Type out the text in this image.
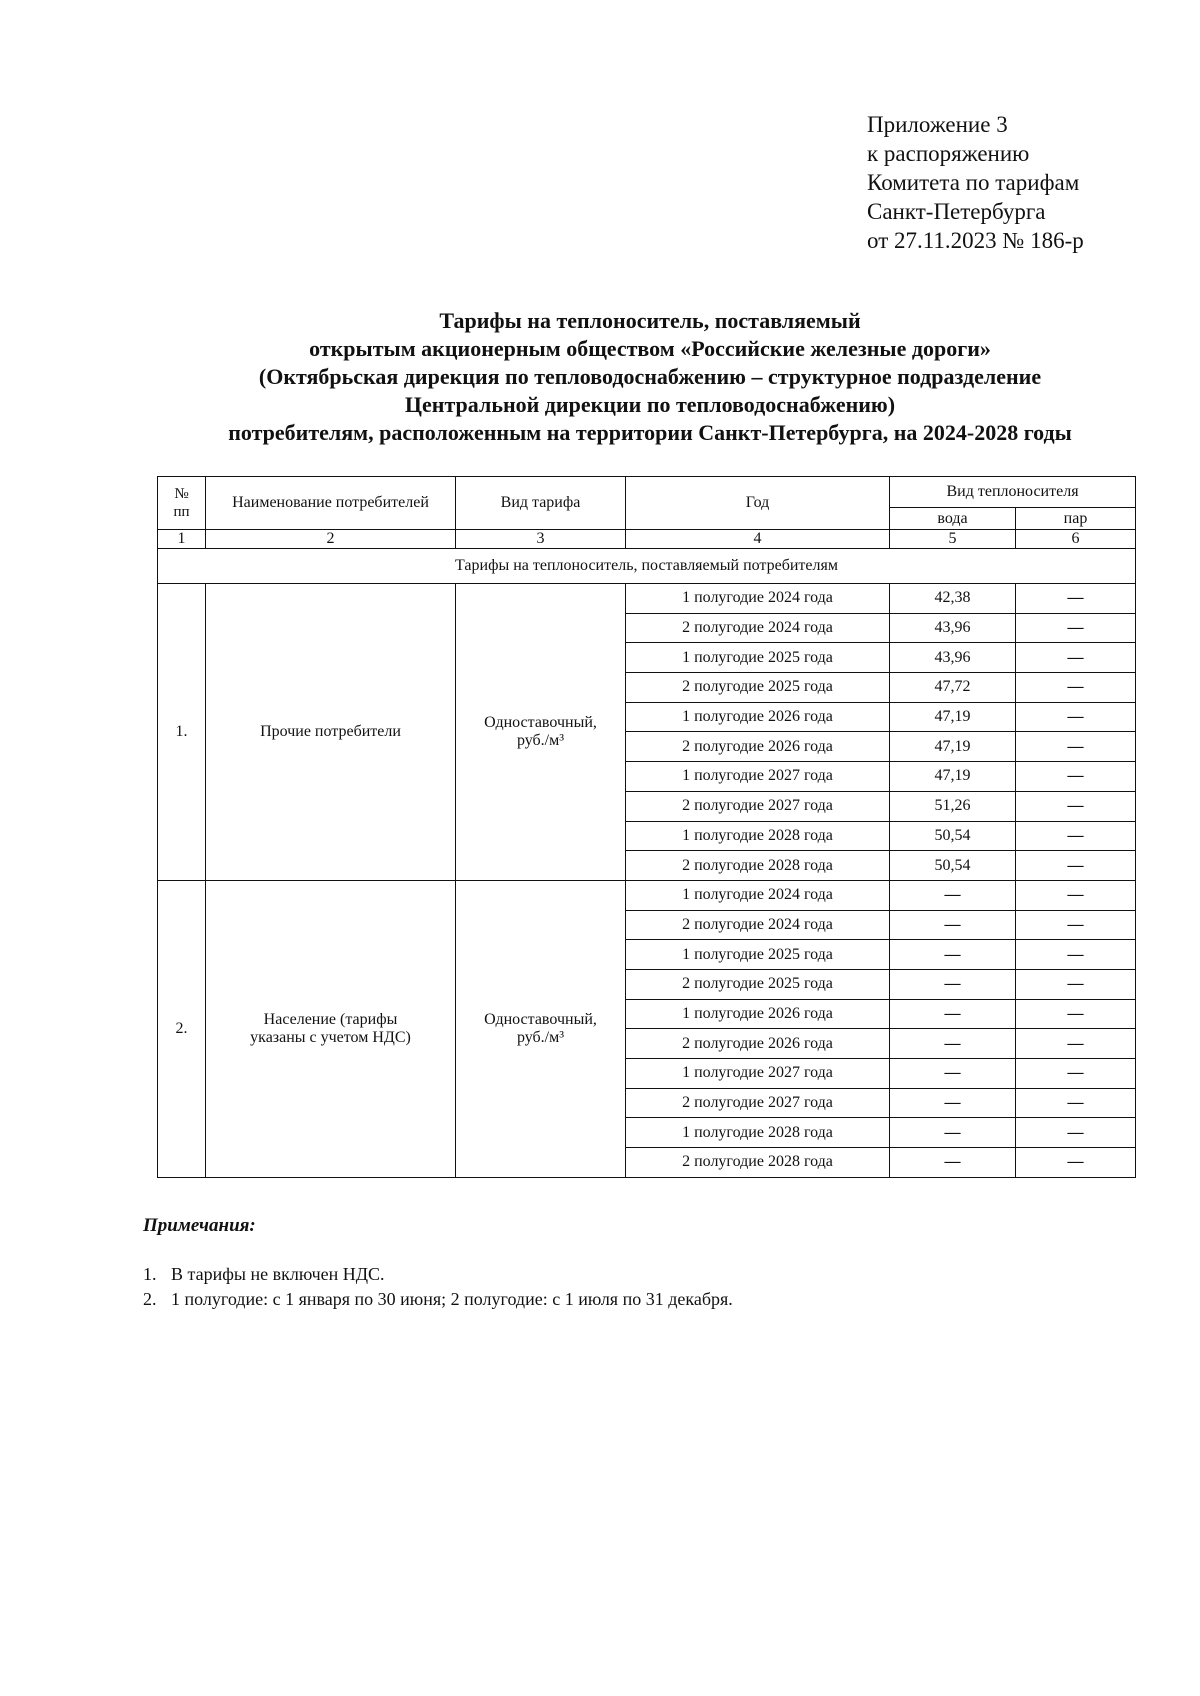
Приложение 3
к распоряжению
Комитета по тарифам
Санкт-Петербурга
от 27.11.2023 № 186-р
Тарифы на теплоноситель, поставляемый
открытым акционерным обществом «Российские железные дороги»
(Октябрьская дирекция по тепловодоснабжению – структурное подразделение
Центральной дирекции по тепловодоснабжению)
потребителям, расположенным на территории Санкт-Петербурга, на 2024-2028 годы
№ пп	Наименование потребителей	Вид тарифа	Год	Вид теплоносителя	
				вода	пар
1	2	3	4	5	6
Тарифы на теплоноситель, поставляемый потребителям					
1.	Прочие потребители	Одноставочный, руб./м³	1 полугодие 2024 года	42,38	—
			2 полугодие 2024 года	43,96	—
			1 полугодие 2025 года	43,96	—
			2 полугодие 2025 года	47,72	—
			1 полугодие 2026 года	47,19	—
			2 полугодие 2026 года	47,19	—
			1 полугодие 2027 года	47,19	—
			2 полугодие 2027 года	51,26	—
			1 полугодие 2028 года	50,54	—
			2 полугодие 2028 года	50,54	—
2.	Население (тарифы указаны с учетом НДС)	Одноставочный, руб./м³	1 полугодие 2024 года	—	—
			2 полугодие 2024 года	—	—
			1 полугодие 2025 года	—	—
			2 полугодие 2025 года	—	—
			1 полугодие 2026 года	—	—
			2 полугодие 2026 года	—	—
			1 полугодие 2027 года	—	—
			2 полугодие 2027 года	—	—
			1 полугодие 2028 года	—	—
			2 полугодие 2028 года	—	—
Примечания:
1. В тарифы не включен НДС.
2. 1 полугодие: с 1 января по 30 июня; 2 полугодие: с 1 июля по 31 декабря.
